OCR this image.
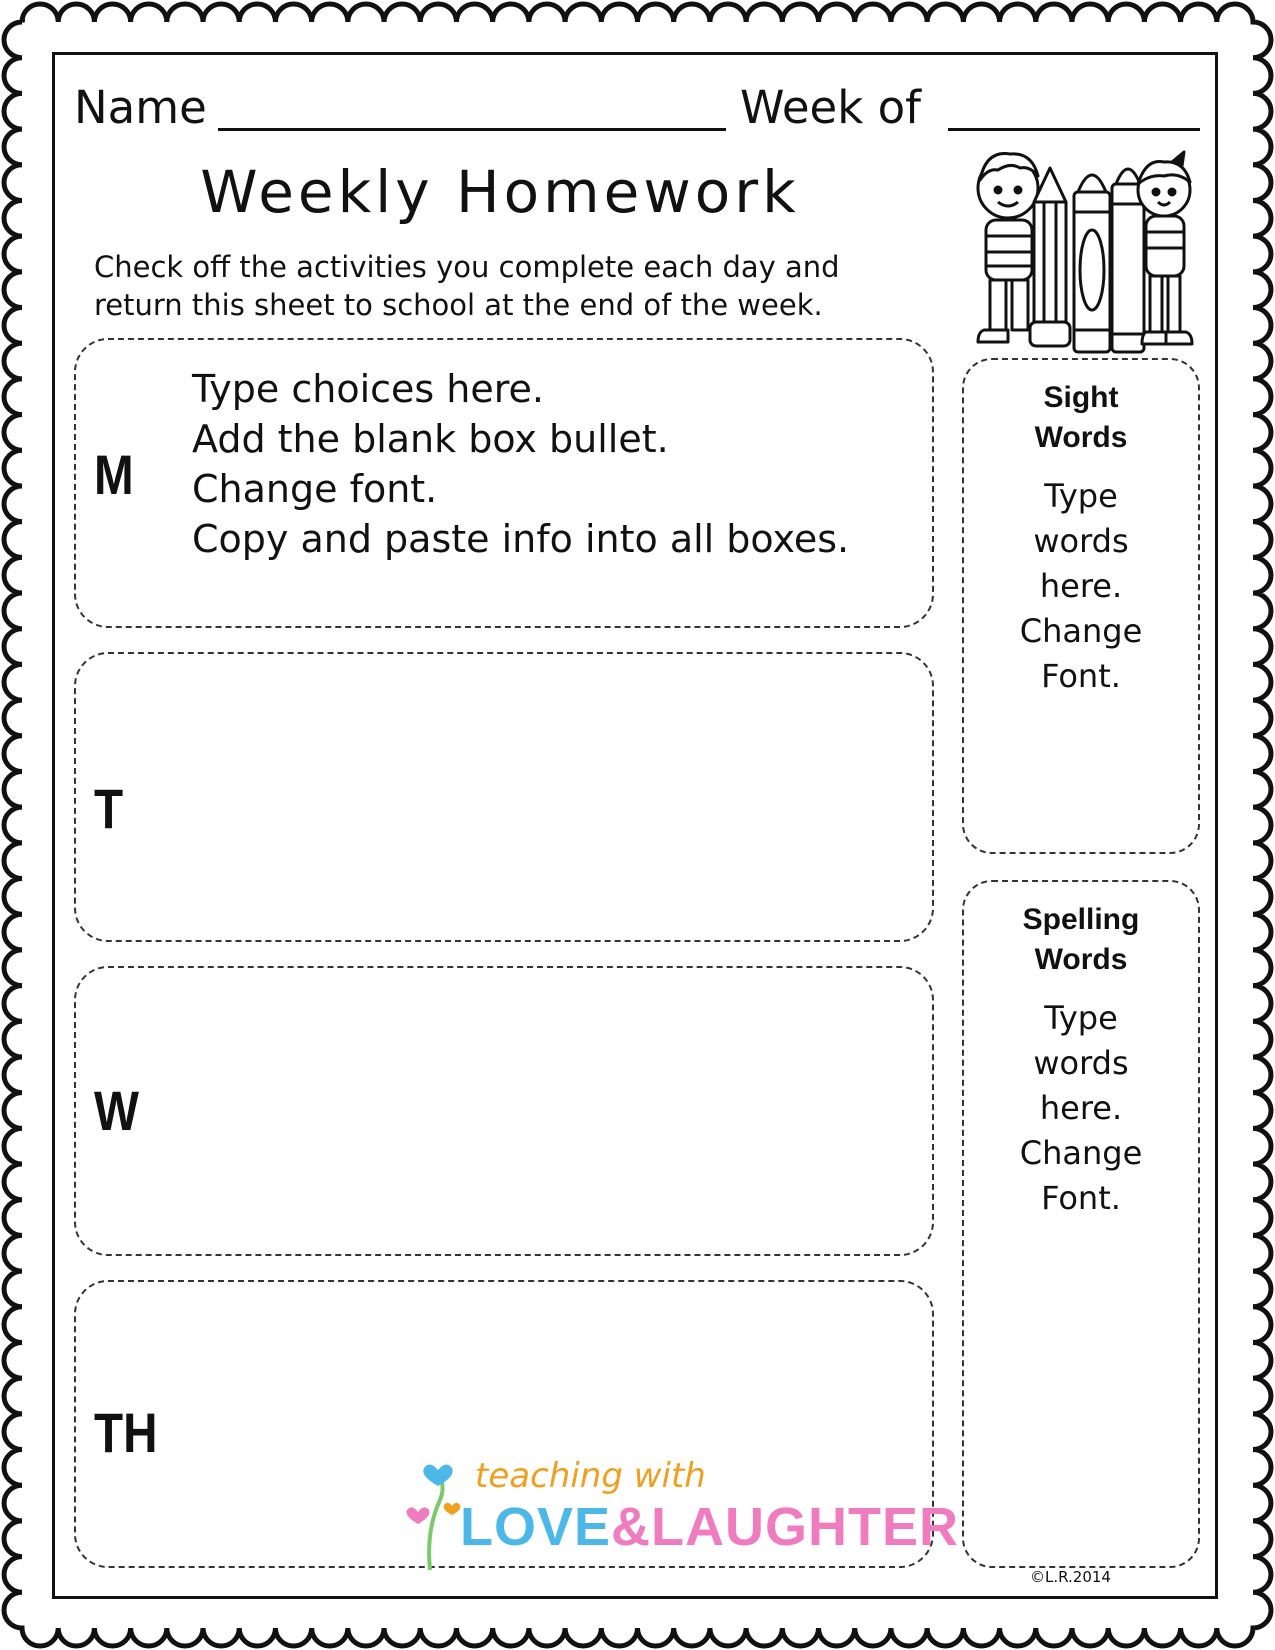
Name	Week of
Weekly Homework
Check off the activities you complete each day and return this sheet to school at the end of the week.
M
Type choices here.
Add the blank box bullet.
Change font.
Copy and paste info into all boxes.
T
W
TH
Sight
Words
Type
words
here.
Change
Font.
Spelling
Words
Type
words
here.
Change
Font.
teaching with
LOVE&LAUGHTER
©L.R.2014
